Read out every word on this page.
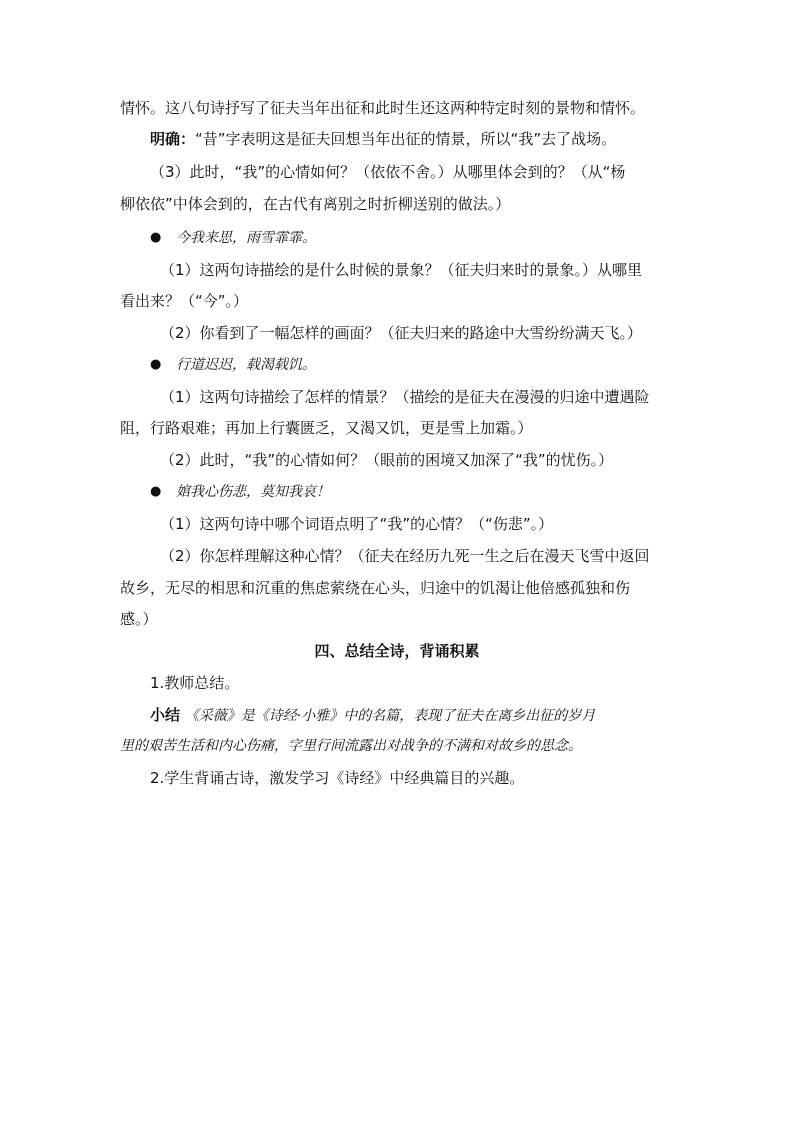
情怀。这八句诗抒写了征夫当年出征和此时生还这两种特定时刻的景物和情怀。
明确：“昔”字表明这是征夫回想当年出征的情景，所以“我”去了战场。
（3）此时，“我”的心情如何？（依依不舍。）从哪里体会到的？（从“杨
柳依依”中体会到的，在古代有离别之时折柳送别的做法。）
● 今我来思，雨雪霏霏。
（1）这两句诗描绘的是什么时候的景象？（征夫归来时的景象。）从哪里
看出来？（“今”。）
（2）你看到了一幅怎样的画面？（征夫归来的路途中大雪纷纷满天飞。）
● 行道迟迟，载渴载饥。
（1）这两句诗描绘了怎样的情景？（描绘的是征夫在漫漫的归途中遭遇险
阻，行路艰难；再加上行囊匮乏，又渴又饥，更是雪上加霜。）
（2）此时，“我”的心情如何？（眼前的困境又加深了“我”的忧伤。）
● 婠我心伤悲，莫知我哀！
（1）这两句诗中哪个词语点明了“我”的心情？（“伤悲”。）
（2）你怎样理解这种心情？（征夫在经历九死一生之后在漫天飞雪中返回
故乡，无尽的相思和沉重的焦虑萦绕在心头，归途中的饥渴让他倍感孤独和伤
感。）
四、总结全诗，背诵积累
1.教师总结。
小结 《采薇》是《诗经·小雅》中的名篇，表现了征夫在离乡出征的岁月
里的艰苦生活和内心伤痛，字里行间流露出对战争的不满和对故乡的思念。
2.学生背诵古诗，激发学习《诗经》中经典篇目的兴趣。
